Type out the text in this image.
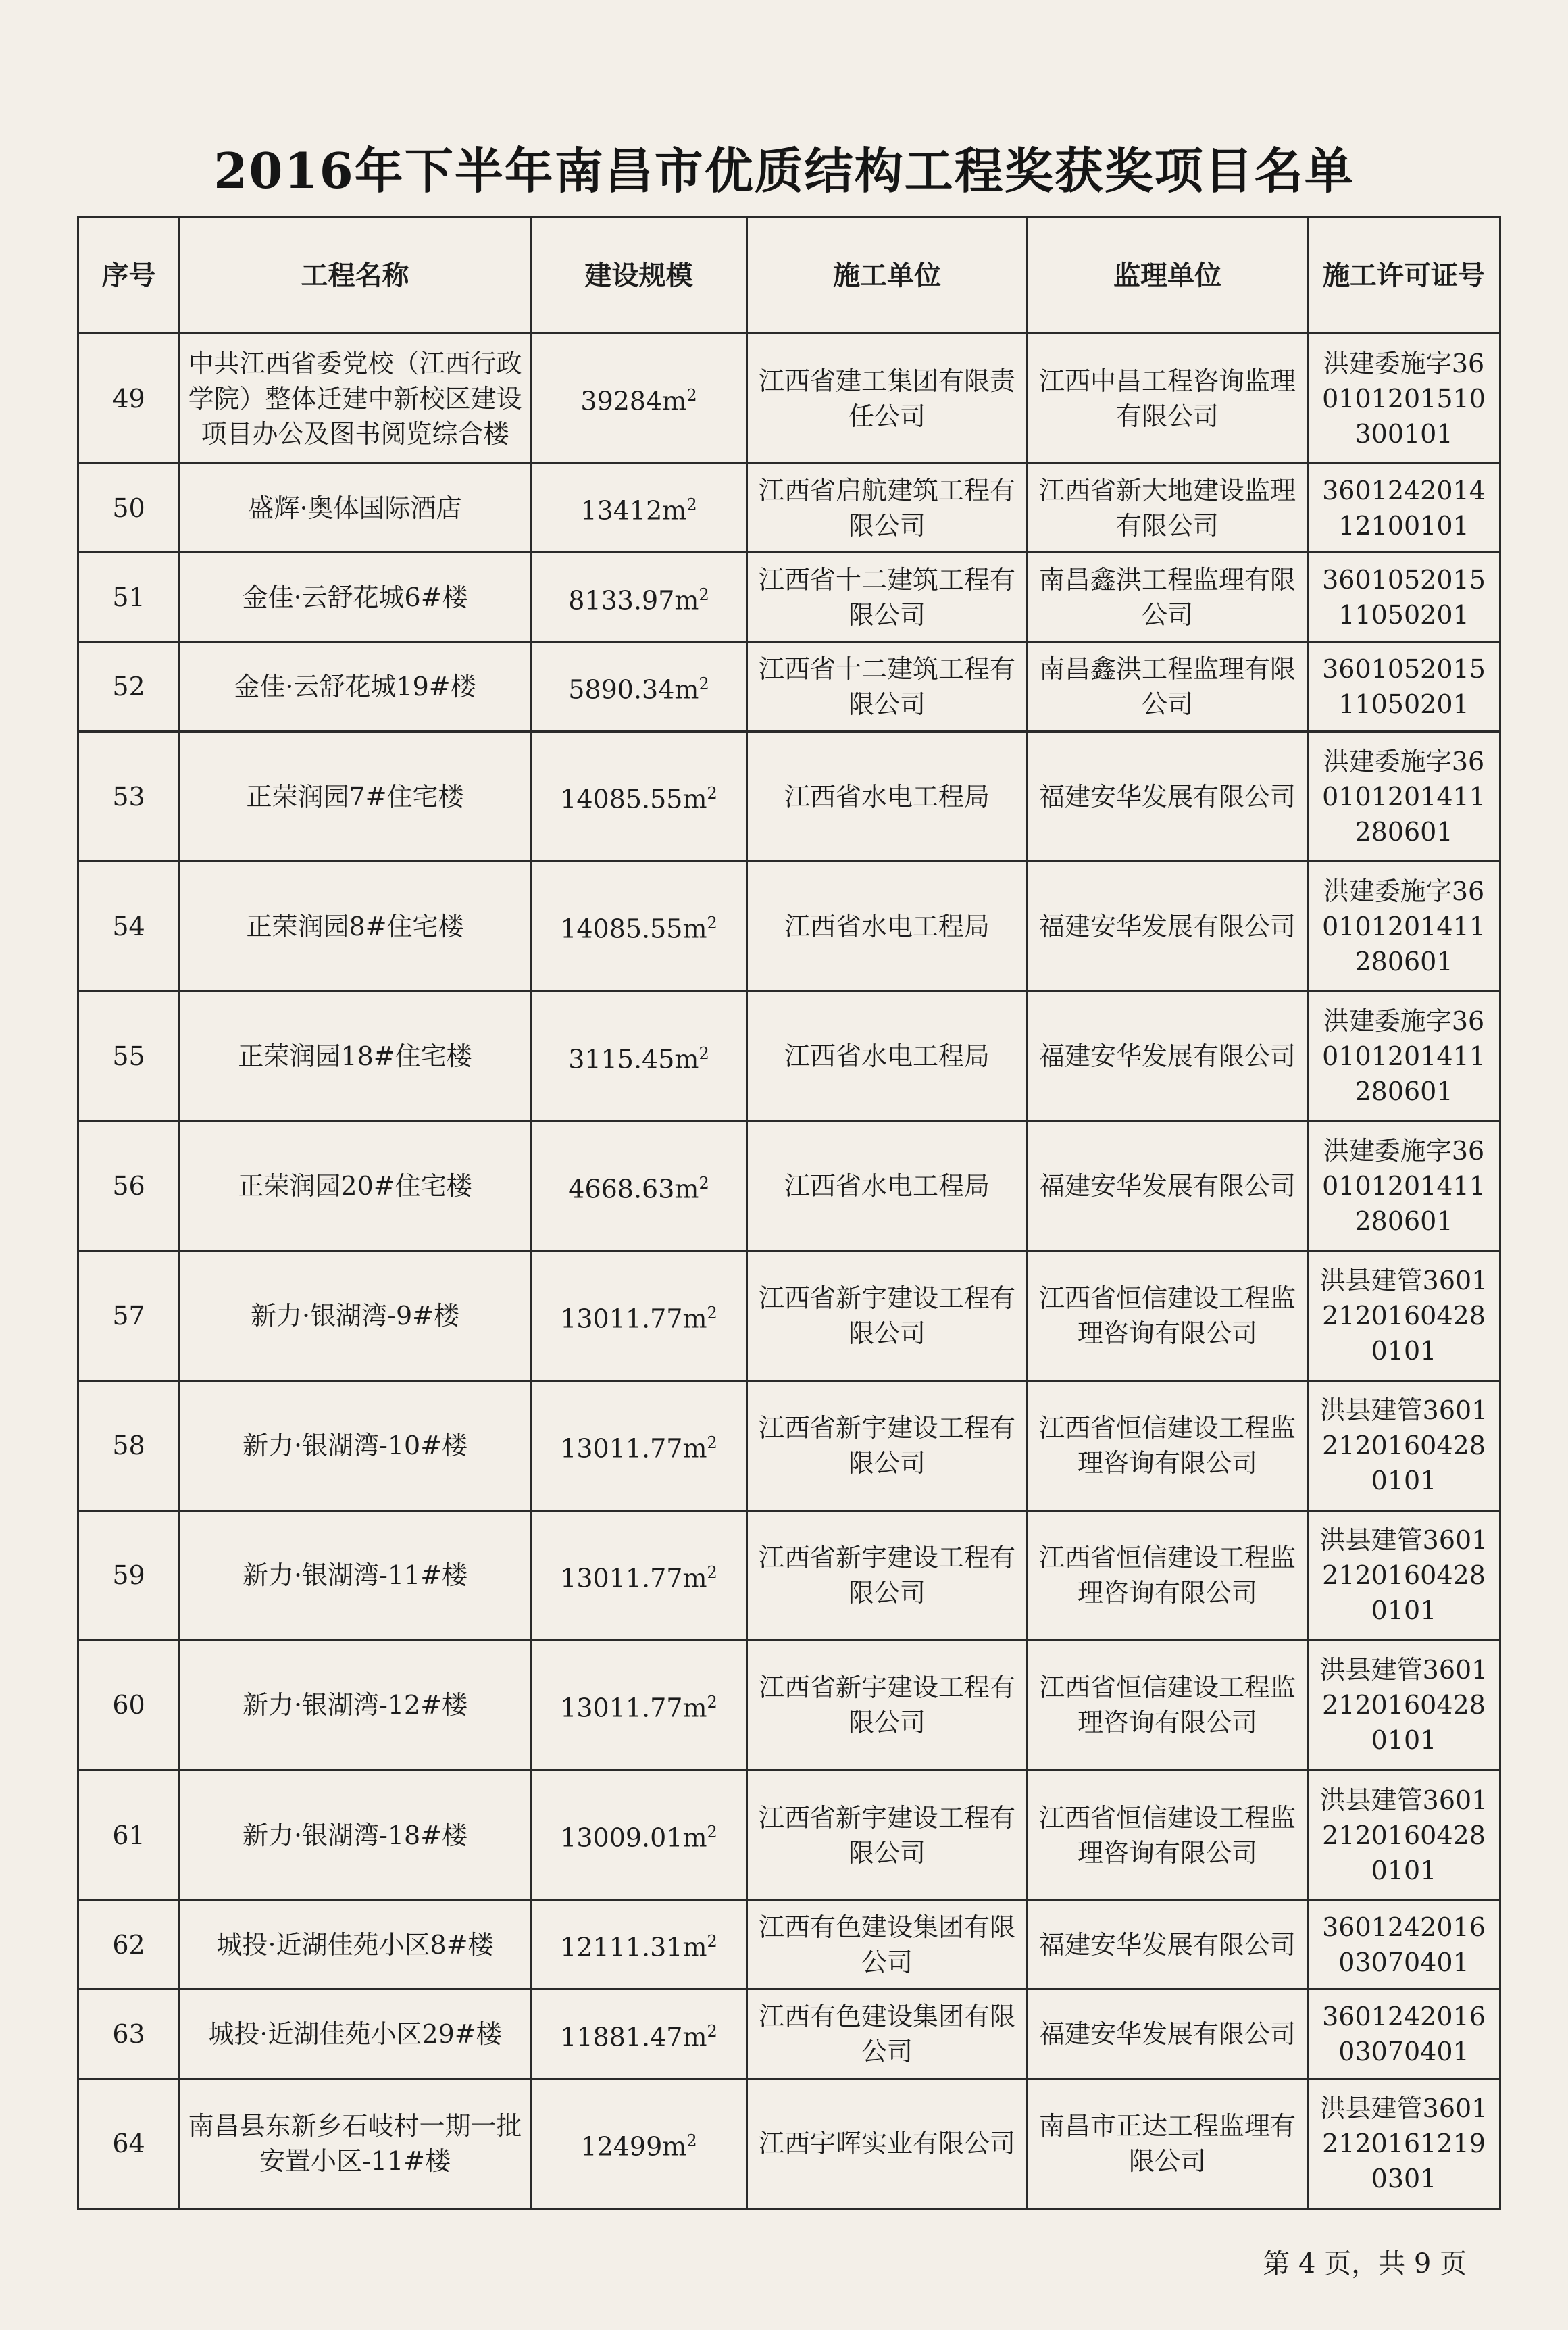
2016年下半年南昌市优质结构工程奖获奖项目名单
序号	工程名称	建设规模	施工单位	监理单位	施工许可证号
49	中共江西省委党校（江西行政学院）整体迁建中新校区建设项目办公及图书阅览综合楼	$39284m^2$	江西省建工集团有限责任公司	江西中昌工程咨询监理有限公司	洪建委施字360101201510300101
50	盛辉·奥体国际酒店	$13412m^2$	江西省启航建筑工程有限公司	江西省新大地建设监理有限公司	360124201412100101
51	金佳·云舒花城6#楼	$8133.97m^2$	江西省十二建筑工程有限公司	南昌鑫洪工程监理有限公司	360105201511050201
52	金佳·云舒花城19#楼	$5890.34m^2$	江西省十二建筑工程有限公司	南昌鑫洪工程监理有限公司	360105201511050201
53	正荣润园7#住宅楼	$14085.55m^2$	江西省水电工程局	福建安华发展有限公司	洪建委施字360101201411280601
54	正荣润园8#住宅楼	$14085.55m^2$	江西省水电工程局	福建安华发展有限公司	洪建委施字360101201411280601
55	正荣润园18#住宅楼	$3115.45m^2$	江西省水电工程局	福建安华发展有限公司	洪建委施字360101201411280601
56	正荣润园20#住宅楼	$4668.63m^2$	江西省水电工程局	福建安华发展有限公司	洪建委施字360101201411280601
57	新力·银湖湾-9#楼	$13011.77m^2$	江西省新宇建设工程有限公司	江西省恒信建设工程监理咨询有限公司	洪县建管360121201604280101
58	新力·银湖湾-10#楼	$13011.77m^2$	江西省新宇建设工程有限公司	江西省恒信建设工程监理咨询有限公司	洪县建管360121201604280101
59	新力·银湖湾-11#楼	$13011.77m^2$	江西省新宇建设工程有限公司	江西省恒信建设工程监理咨询有限公司	洪县建管360121201604280101
60	新力·银湖湾-12#楼	$13011.77m^2$	江西省新宇建设工程有限公司	江西省恒信建设工程监理咨询有限公司	洪县建管360121201604280101
61	新力·银湖湾-18#楼	$13009.01m^2$	江西省新宇建设工程有限公司	江西省恒信建设工程监理咨询有限公司	洪县建管360121201604280101
62	城投·近湖佳苑小区8#楼	$12111.31m^2$	江西有色建设集团有限公司	福建安华发展有限公司	360124201603070401
63	城投·近湖佳苑小区29#楼	$11881.47m^2$	江西有色建设集团有限公司	福建安华发展有限公司	360124201603070401
64	南昌县东新乡石岐村一期一批安置小区-11#楼	$12499m^2$	江西宇晖实业有限公司	南昌市正达工程监理有限公司	洪县建管360121201612190301
第 4 页，共 9 页
